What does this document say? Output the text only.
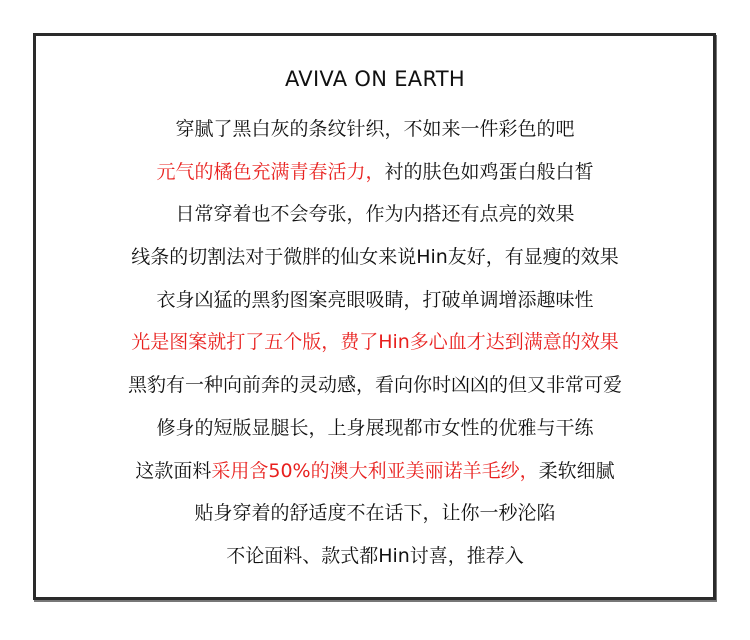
AVIVA ON EARTH
穿腻了黑白灰的条纹针织，不如来一件彩色的吧
元气的橘色充满青春活力，衬的肤色如鸡蛋白般白皙
日常穿着也不会夸张，作为内搭还有点亮的效果
线条的切割法对于微胖的仙女来说Hin友好，有显瘦的效果
衣身凶猛的黑豹图案亮眼吸睛，打破单调增添趣味性
光是图案就打了五个版，费了Hin多心血才达到满意的效果
黑豹有一种向前奔的灵动感，看向你时凶凶的但又非常可爱
修身的短版显腿长，上身展现都市女性的优雅与干练
这款面料采用含50%的澳大利亚美丽诺羊毛纱，柔软细腻
贴身穿着的舒适度不在话下，让你一秒沦陷
不论面料、款式都Hin讨喜，推荐入
